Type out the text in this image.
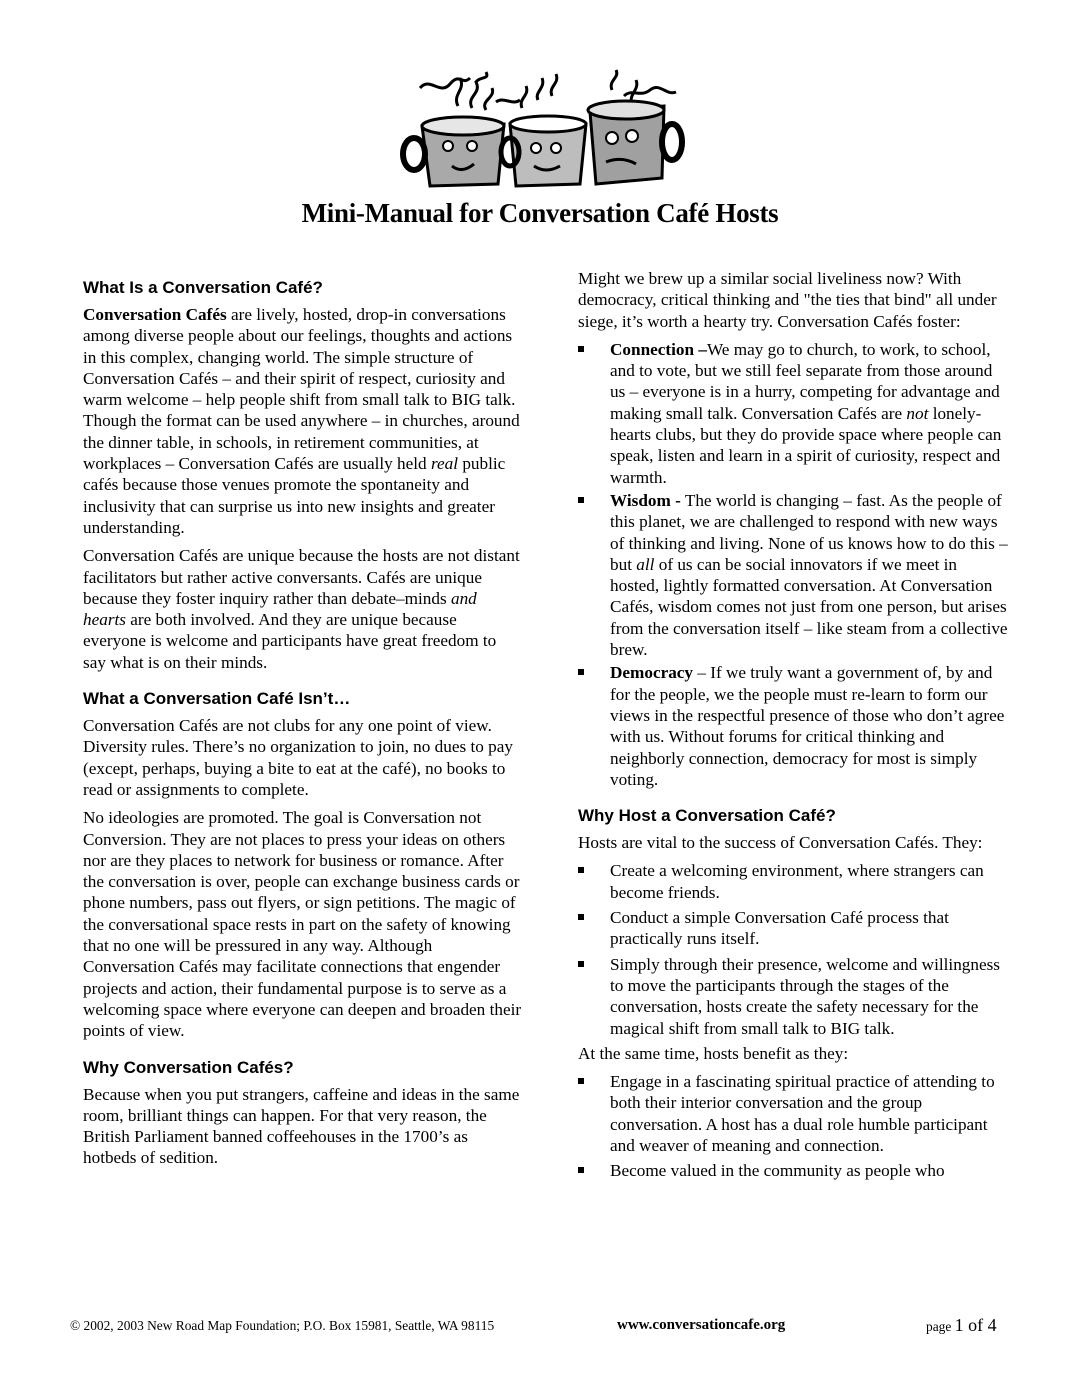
Mini-Manual for Conversation Café Hosts
What Is a Conversation Café?

Conversation Cafés are lively, hosted, drop-in conversations among diverse people about our feelings, thoughts and actions in this complex, changing world. The simple structure of Conversation Cafés – and their spirit of respect, curiosity and warm welcome – help people shift from small talk to BIG talk. Though the format can be used anywhere – in churches, around the dinner table, in schools, in retirement communities, at workplaces – Conversation Cafés are usually held real public cafés because those venues promote the spontaneity and inclusivity that can surprise us into new insights and greater understanding.

Conversation Cafés are unique because the hosts are not distant facilitators but rather active conversants. Cafés are unique because they foster inquiry rather than debate–minds and hearts are both involved. And they are unique because everyone is welcome and participants have great freedom to say what is on their minds.

What a Conversation Café Isn’t…

Conversation Cafés are not clubs for any one point of view. Diversity rules. There’s no organization to join, no dues to pay (except, perhaps, buying a bite to eat at the café), no books to read or assignments to complete.

No ideologies are promoted. The goal is Conversation not Conversion. They are not places to press your ideas on others nor are they places to network for business or romance. After the conversation is over, people can exchange business cards or phone numbers, pass out flyers, or sign petitions. The magic of the conversational space rests in part on the safety of knowing that no one will be pressured in any way. Although Conversation Cafés may facilitate connections that engender projects and action, their fundamental purpose is to serve as a welcoming space where everyone can deepen and broaden their points of view.

Why Conversation Cafés?

Because when you put strangers, caffeine and ideas in the same room, brilliant things can happen. For that very reason, the British Parliament banned coffeehouses in the 1700’s as hotbeds of sedition.

Might we brew up a similar social liveliness now? With democracy, critical thinking and "the ties that bind" all under siege, it’s worth a hearty try. Conversation Cafés foster:

Connection –We may go to church, to work, to school, and to vote, but we still feel separate from those around us – everyone is in a hurry, competing for advantage and making small talk. Conversation Cafés are not lonely-hearts clubs, but they do provide space where people can speak, listen and learn in a spirit of curiosity, respect and warmth.
Wisdom - The world is changing – fast. As the people of this planet, we are challenged to respond with new ways of thinking and living. None of us knows how to do this – but all of us can be social innovators if we meet in hosted, lightly formatted conversation. At Conversation Cafés, wisdom comes not just from one person, but arises from the conversation itself – like steam from a collective brew.
Democracy – If we truly want a government of, by and for the people, we the people must re-learn to form our views in the respectful presence of those who don’t agree with us. Without forums for critical thinking and neighborly connection, democracy for most is simply voting.
Why Host a Conversation Café?

Hosts are vital to the success of Conversation Cafés. They:

Create a welcoming environment, where strangers can become friends.
Conduct a simple Conversation Café process that practically runs itself.
Simply through their presence, welcome and willingness to move the participants through the stages of the conversation, hosts create the safety necessary for the magical shift from small talk to BIG talk.

At the same time, hosts benefit as they:

Engage in a fascinating spiritual practice of attending to both their interior conversation and the group conversation. A host has a dual role humble participant and weaver of meaning and connection.
Become valued in the community as people who
© 2002, 2003 New Road Map Foundation; P.O. Box 15981, Seattle, WA 98115	www.conversationcafe.org	page 1 of 4
